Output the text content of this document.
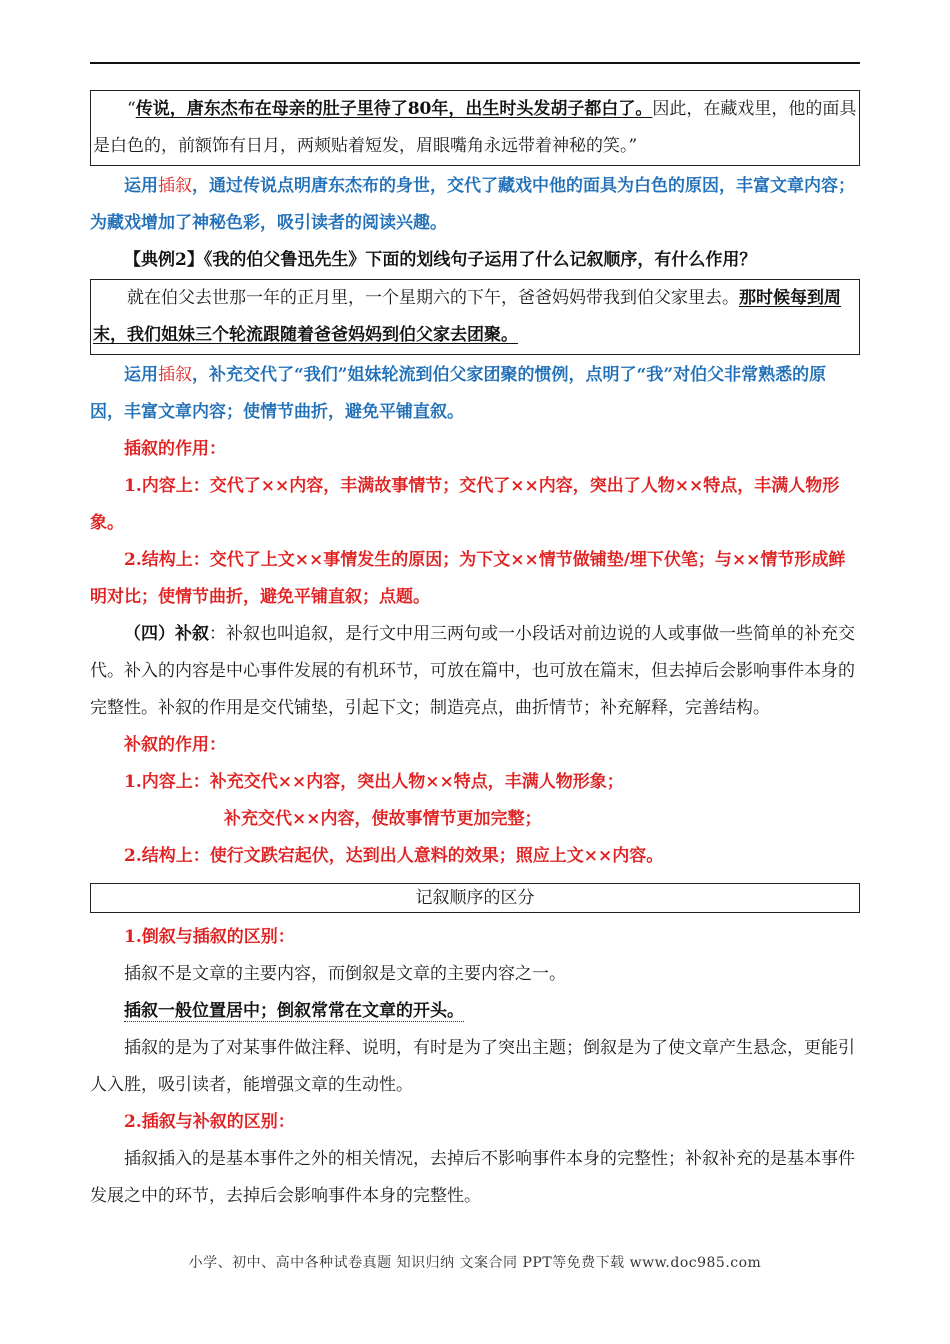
“传说，唐东杰布在母亲的肚子里待了80年，出生时头发胡子都白了。因此，在藏戏里，他的面具是白色的，前额饰有日月，两颊贴着短发，眉眼嘴角永远带着神秘的笑。”

运用插叙，通过传说点明唐东杰布的身世，交代了藏戏中他的面具为白色的原因，丰富文章内容；为藏戏增加了神秘色彩，吸引读者的阅读兴趣。

【典例2】《我的伯父鲁迅先生》下面的划线句子运用了什么记叙顺序，有什么作用？

就在伯父去世那一年的正月里，一个星期六的下午，爸爸妈妈带我到伯父家里去。那时候每到周末，我们姐妹三个轮流跟随着爸爸妈妈到伯父家去团聚。

运用插叙，补充交代了“我们”姐妹轮流到伯父家团聚的惯例，点明了“我”对伯父非常熟悉的原因，丰富文章内容；使情节曲折，避免平铺直叙。

插叙的作用：

1.内容上：交代了××内容，丰满故事情节；交代了××内容，突出了人物××特点，丰满人物形象。

2.结构上：交代了上文××事情发生的原因；为下文××情节做铺垫/埋下伏笔；与××情节形成鲜明对比；使情节曲折，避免平铺直叙；点题。

（四）补叙：补叙也叫追叙，是行文中用三两句或一小段话对前边说的人或事做一些简单的补充交代。补入的内容是中心事件发展的有机环节，可放在篇中，也可放在篇末，但去掉后会影响事件本身的完整性。补叙的作用是交代铺垫，引起下文；制造亮点，曲折情节；补充解释，完善结构。

补叙的作用：

1.内容上：补充交代××内容，突出人物××特点，丰满人物形象；

补充交代××内容，使故事情节更加完整；

2.结构上：使行文跌宕起伏，达到出人意料的效果；照应上文××内容。

记叙顺序的区分

1.倒叙与插叙的区别：

插叙不是文章的主要内容，而倒叙是文章的主要内容之一。

插叙一般位置居中；倒叙常常在文章的开头。

插叙的是为了对某事件做注释、说明，有时是为了突出主题；倒叙是为了使文章产生悬念，更能引人入胜，吸引读者，能增强文章的生动性。

2.插叙与补叙的区别：

插叙插入的是基本事件之外的相关情况，去掉后不影响事件本身的完整性；补叙补充的是基本事件发展之中的环节，去掉后会影响事件本身的完整性。

小学、初中、高中各种试卷真题 知识归纳 文案合同 PPT等免费下载 www.doc985.com
